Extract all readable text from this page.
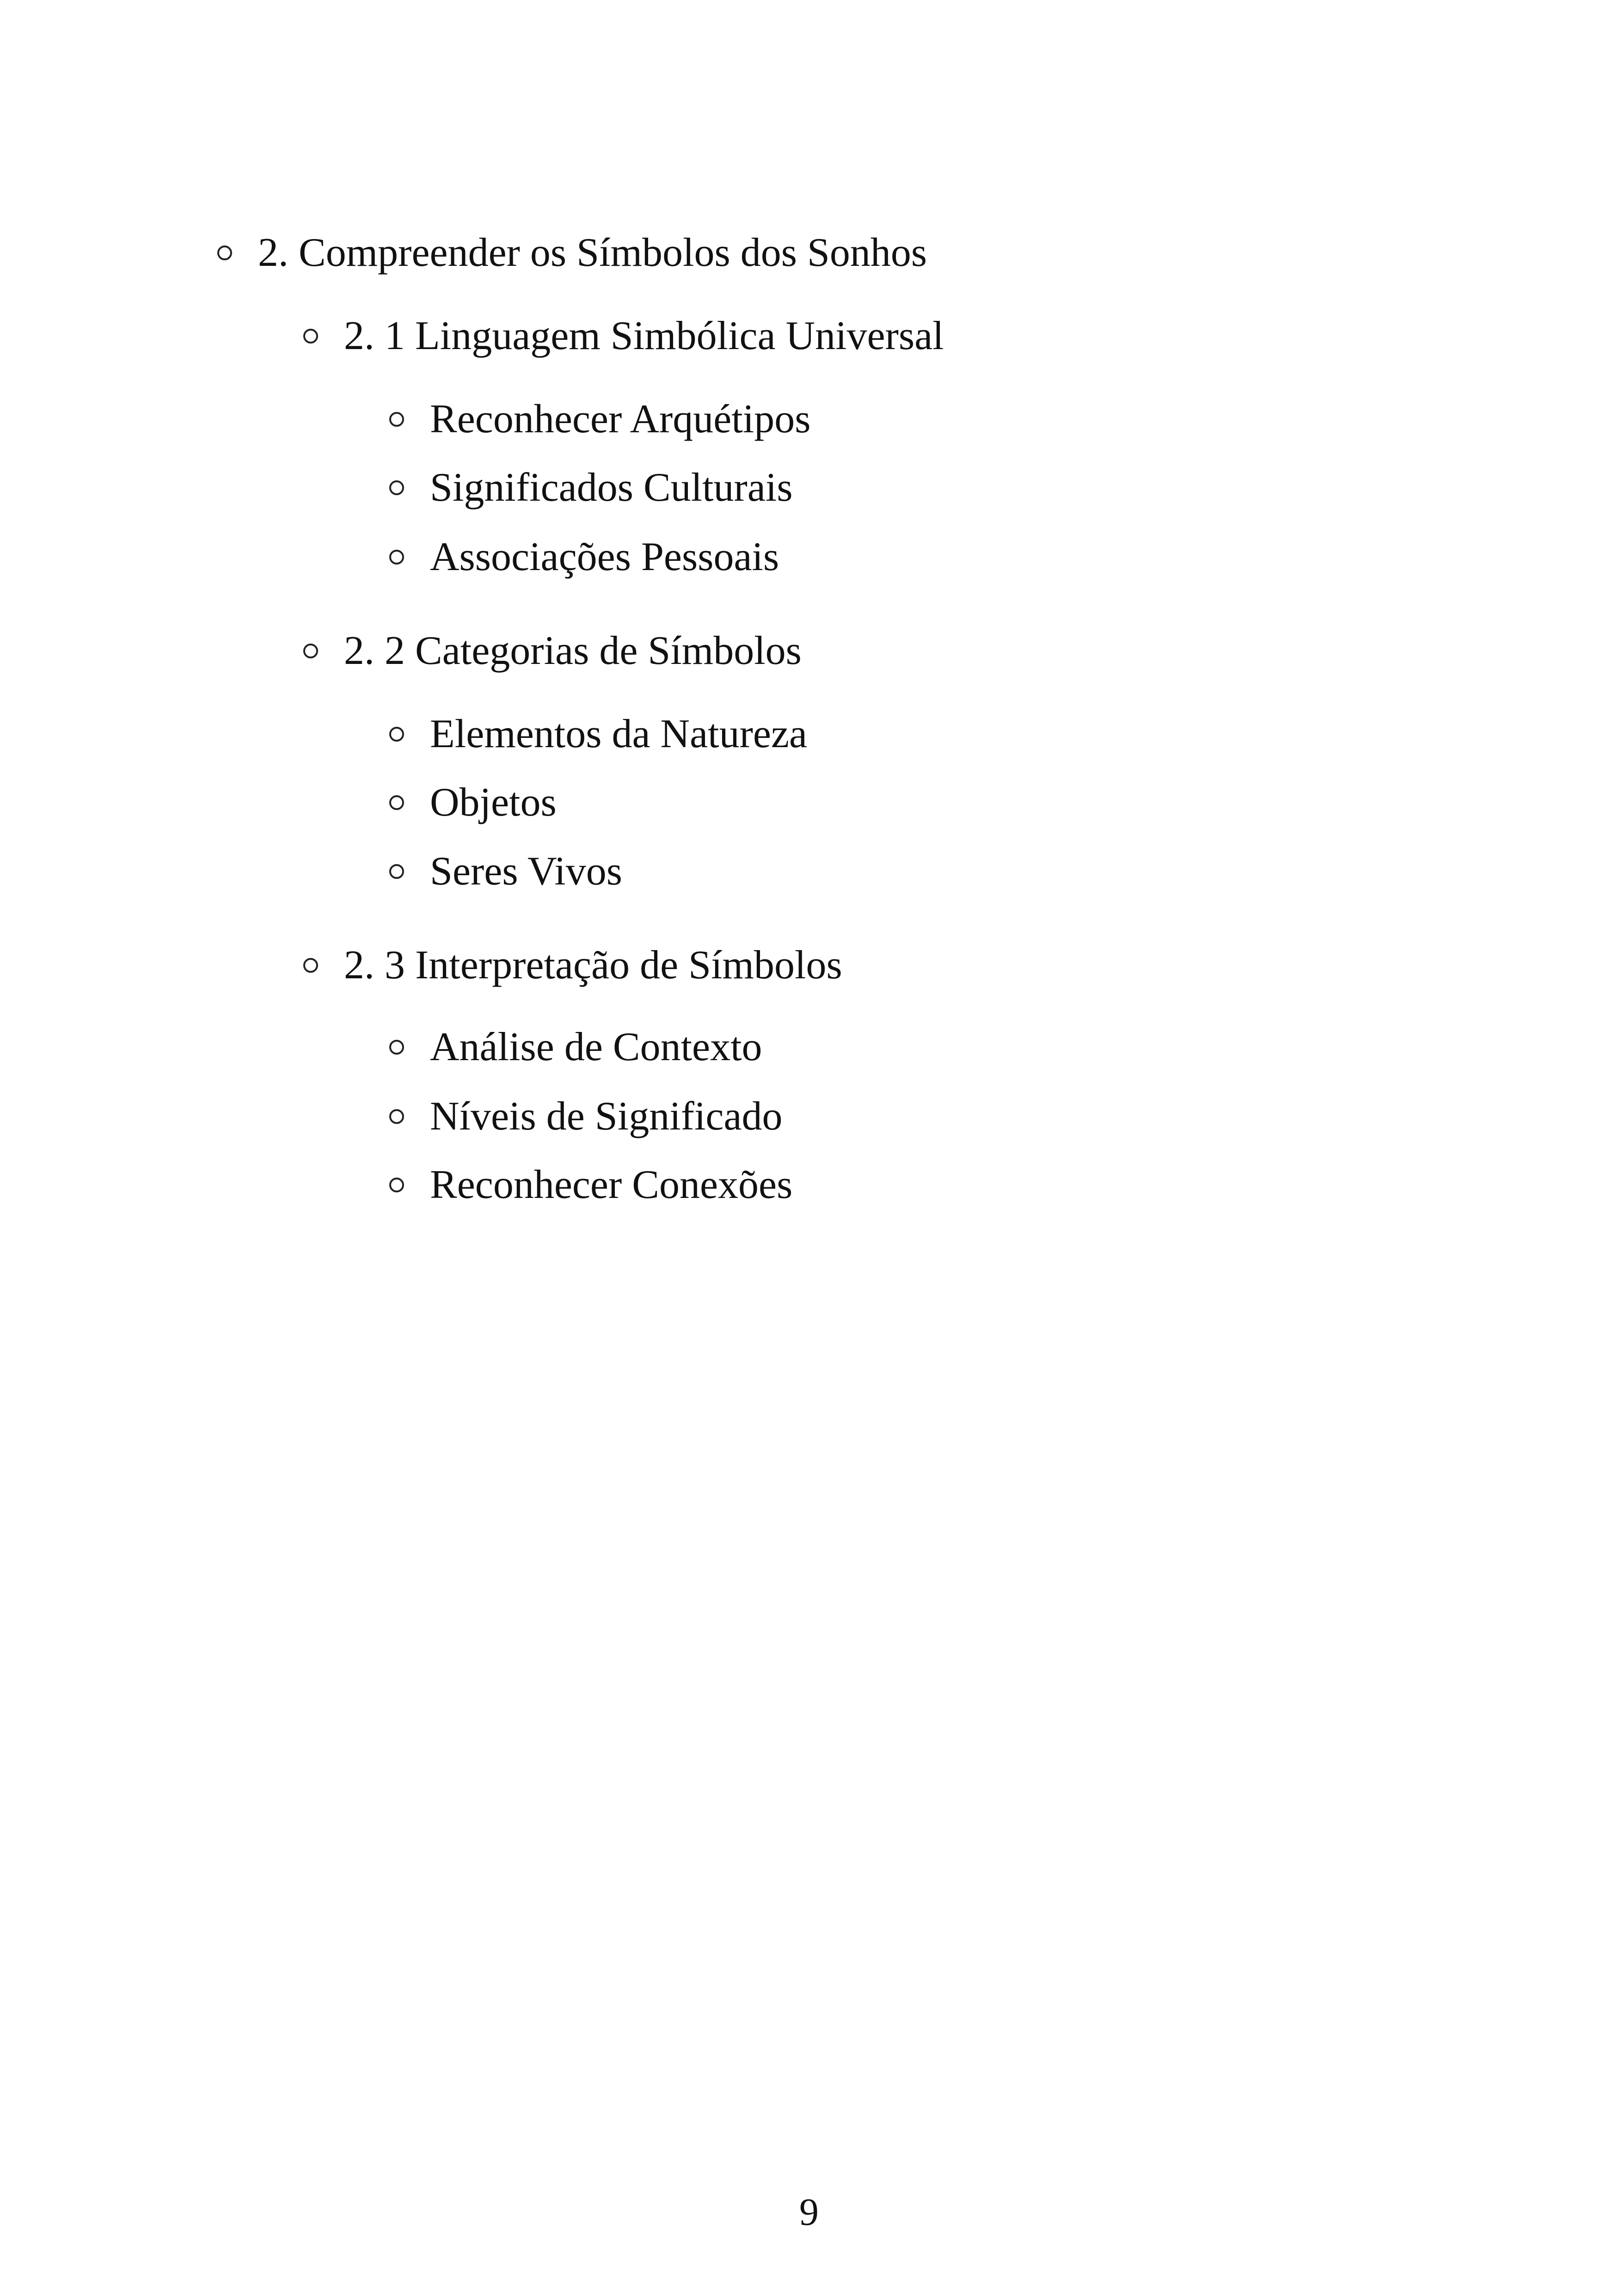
2. Compreender os Símbolos dos Sonhos
2. 1 Linguagem Simbólica Universal
Reconhecer Arquétipos
Significados Culturais
Associações Pessoais
2. 2 Categorias de Símbolos
Elementos da Natureza
Objetos
Seres Vivos
2. 3 Interpretação de Símbolos
Análise de Contexto
Níveis de Significado
Reconhecer Conexões
9
